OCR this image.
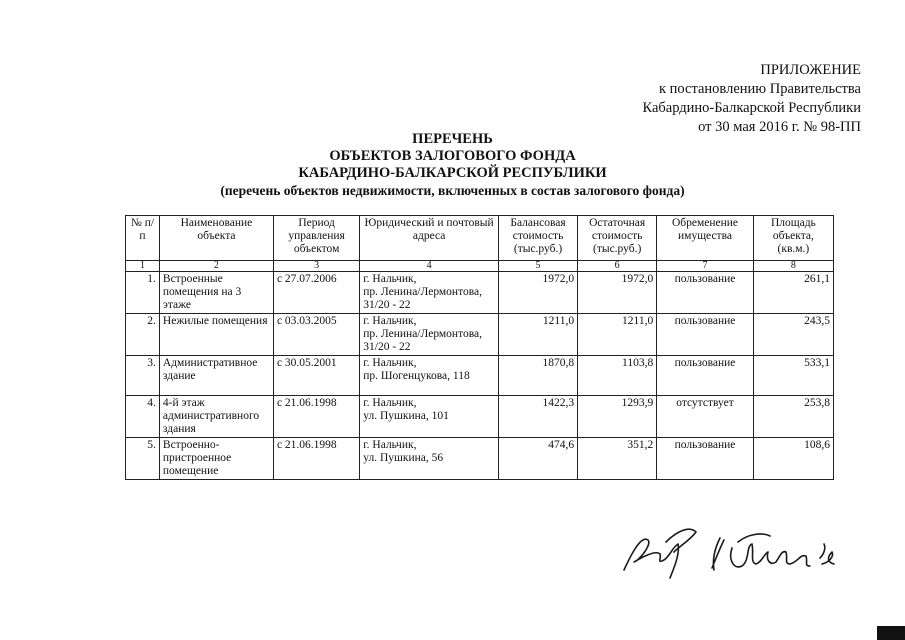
ПРИЛОЖЕНИЕ
к постановлению Правительства
Кабардино-Балкарской Республики
от 30 мая 2016 г. № 98-ПП
ПЕРЕЧЕНЬ
ОБЪЕКТОВ ЗАЛОГОВОГО ФОНДА
КАБАРДИНО-БАЛКАРСКОЙ РЕСПУБЛИКИ
(перечень объектов недвижимости, включенных в состав залогового фонда)
№ п/п	Наименование объекта	Период управления объектом	Юридический и почтовый адреса	Балансовая стоимость (тыс.руб.)	Остаточная стоимость (тыс.руб.)	Обременение имущества	Площадь объекта, (кв.м.)
1	2	3	4	5	6	7	8
1.	Встроенные помещения на 3 этаже	с 27.07.2006	г. Нальчик,
пр. Ленина/Лермонтова,
31/20 - 22	1972,0	1972,0	пользование	261,1
2.	Нежилые помещения	с 03.03.2005	г. Нальчик,
пр. Ленина/Лермонтова,
31/20 - 22	1211,0	1211,0	пользование	243,5
3.	Административное здание	с 30.05.2001	г. Нальчик,
пр. Шогенцукова, 118	1870,8	1103,8	пользование	533,1
4.	4-й этаж административного здания	с 21.06.1998	г. Нальчик,
ул. Пушкина, 101	1422,3	1293,9	отсутствует	253,8
5.	Встроенно-пристроенное помещение	с 21.06.1998	г. Нальчик,
ул. Пушкина, 56	474,6	351,2	пользование	108,6
